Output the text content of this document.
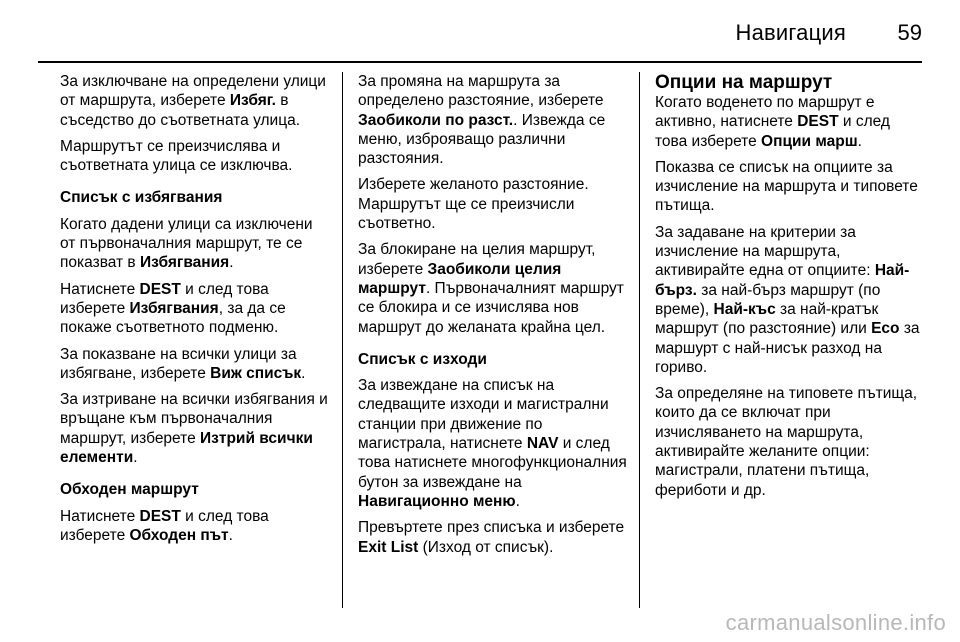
Навигация 59

За изключване на определени улици от маршрута, изберете Избяг. в съседство до съответната улица.

Маршрутът се преизчислява и съответната улица се изключва.

Списък с избягвания

Когато дадени улици са изключени от първоначалния маршрут, те се показват в Избягвания.

Натиснете DEST и след това изберете Избягвания, за да се покаже съответното подменю.

За показване на всички улици за избягване, изберете Виж списък.

За изтриване на всички избягвания и връщане към първоначалния маршрут, изберете Изтрий всички елементи.

Обходен маршрут

Натиснете DEST и след това изберете Обходен път.

За промяна на маршрута за определено разстояние, изберете Заобиколи по разст.. Извежда се меню, изброяващо различни разстояния.

Изберете желаното разстояние. Маршрутът ще се преизчисли съответно.

За блокиране на целия маршрут, изберете Заобиколи целия маршрут. Първоначалният маршрут се блокира и се изчислява нов маршрут до желаната крайна цел.

Списък с изходи

За извеждане на списък на следващите изходи и магистрални станции при движение по магистрала, натиснете NAV и след това натиснете многофункционалния бутон за извеждане на Навигационно меню.

Превъртете през списъка и изберете Exit List (Изход от списък).

Опции на маршрут

Когато воденето по маршрут е активно, натиснете DEST и след това изберете Опции марш.

Показва се списък на опциите за изчисление на маршрута и типовете пътища.

За задаване на критерии за изчисление на маршрута, активирайте една от опциите: Най-бърз. за най-бърз маршрут (по време), Най-къс за най-кратък маршрут (по разстояние) или Eco за маршурт с най-нисък разход на гориво.

За определяне на типовете пътища, които да се включат при изчисляването на маршрута, активирайте желаните опции: магистрали, платени пътища, фериботи и др.

carmanualsonline.info
